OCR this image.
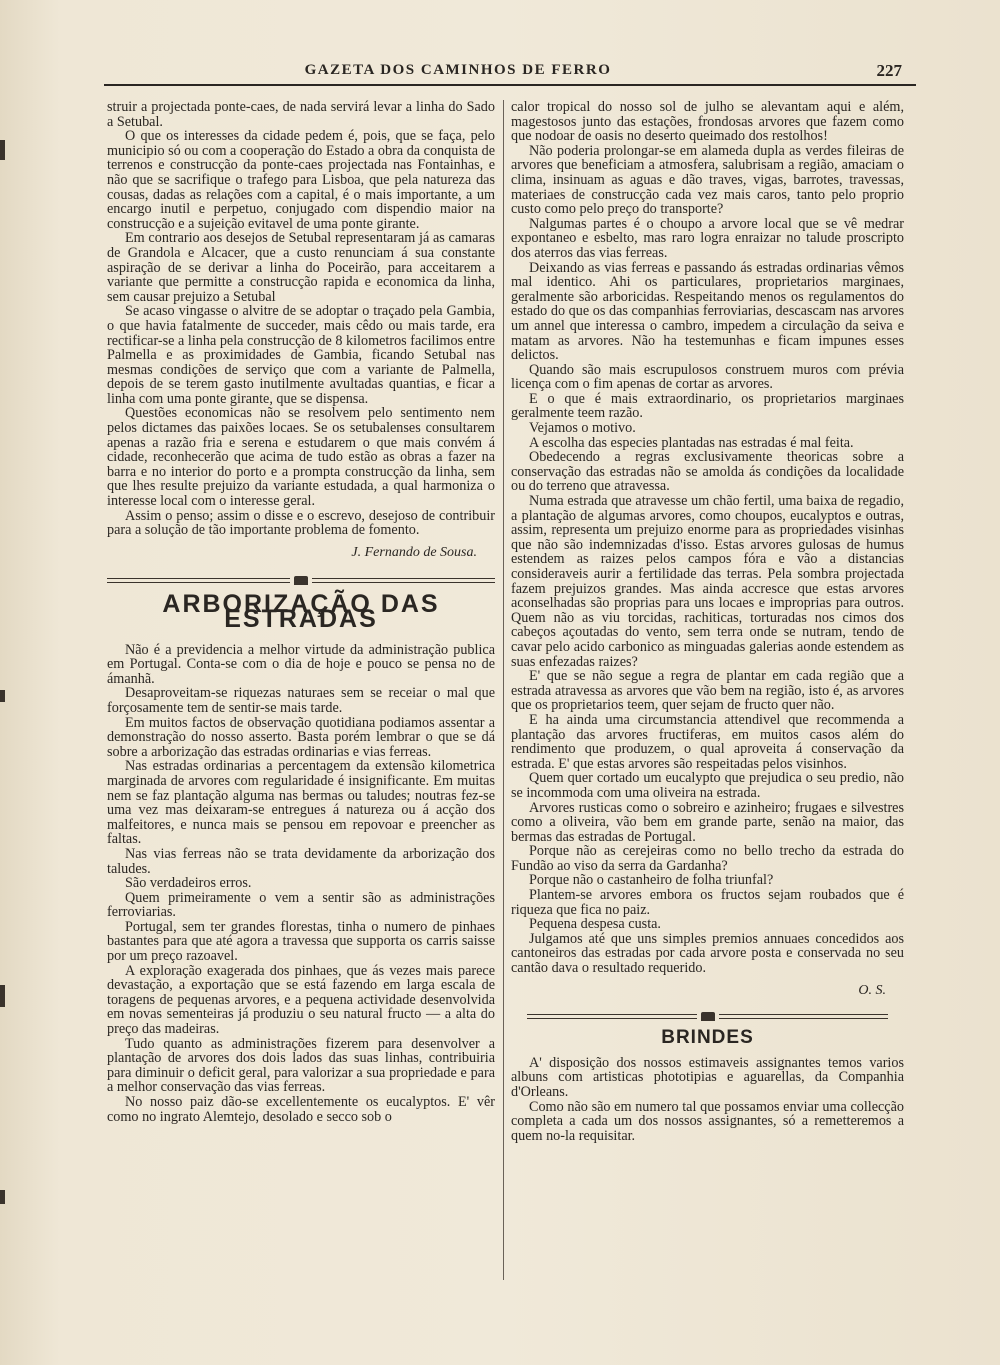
GAZETA DOS CAMINHOS DE FERRO	227

struir a projectada ponte-caes, de nada servirá levar a linha do Sado a Setubal.

O que os interesses da cidade pedem é, pois, que se faça, pelo municipio só ou com a cooperação do Estado a obra da conquista de terrenos e construcção da ponte-caes projectada nas Fontainhas, e não que se sacrifique o trafego para Lisboa, que pela natureza das cousas, dadas as relações com a capital, é o mais importante, a um encargo inutil e perpetuo, conjugado com dispendio maior na construcção e a sujeição evitavel de uma ponte girante.

Em contrario aos desejos de Setubal representaram já as camaras de Grandola e Alcacer, que a custo renunciam á sua constante aspiração de se derivar a linha do Poceirão, para acceitarem a variante que permitte a construcção rapida e economica da linha, sem causar prejuizo a Setubal

Se acaso vingasse o alvitre de se adoptar o traçado pela Gambia, o que havia fatalmente de succeder, mais cêdo ou mais tarde, era rectificar-se a linha pela construcção de 8 kilometros facilimos entre Palmella e as proximidades de Gambia, ficando Setubal nas mesmas condições de serviço que com a variante de Palmella, depois de se terem gasto inutilmente avultadas quantias, e ficar a linha com uma ponte girante, que se dispensa.

Questões economicas não se resolvem pelo sentimento nem pelos dictames das paixões locaes. Se os setubalenses consultarem apenas a razão fria e serena e estudarem o que mais convém á cidade, reconhecerão que acima de tudo estão as obras a fazer na barra e no interior do porto e a prompta construcção da linha, sem que lhes resulte prejuizo da variante estudada, a qual harmoniza o interesse local com o interesse geral.

Assim o penso; assim o disse e o escrevo, desejoso de contribuir para a solução de tão importante problema de fomento.

J. Fernando de Sousa.
ARBORIZAÇÃO DAS ESTRADAS

Não é a previdencia a melhor virtude da administração publica em Portugal. Conta-se com o dia de hoje e pouco se pensa no de ámanhã.

Desaproveitam-se riquezas naturaes sem se receiar o mal que forçosamente tem de sentir-se mais tarde.

Em muitos factos de observação quotidiana podiamos assentar a demonstração do nosso asserto. Basta porém lembrar o que se dá sobre a arborização das estradas ordinarias e vias ferreas.

Nas estradas ordinarias a percentagem da extensão kilometrica marginada de arvores com regularidade é insignificante. Em muitas nem se faz plantação alguma nas bermas ou taludes; noutras fez-se uma vez mas deixaram-se entregues á natureza ou á acção dos malfeitores, e nunca mais se pensou em repovoar e preencher as faltas.

Nas vias ferreas não se trata devidamente da arborização dos taludes.

São verdadeiros erros.

Quem primeiramente o vem a sentir são as administrações ferroviarias.

Portugal, sem ter grandes florestas, tinha o numero de pinhaes bastantes para que até agora a travessa que supporta os carris saisse por um preço razoavel.

A exploração exagerada dos pinhaes, que ás vezes mais parece devastação, a exportação que se está fazendo em larga escala de toragens de pequenas arvores, e a pequena actividade desenvolvida em novas sementeiras já produziu o seu natural fructo — a alta do preço das madeiras.

Tudo quanto as administrações fizerem para desenvolver a plantação de arvores dos dois lados das suas linhas, contribuiria para diminuir o deficit geral, para valorizar a sua propriedade e para a melhor conservação das vias ferreas.

No nosso paiz dão-se excellentemente os eucalyptos. E' vêr como no ingrato Alemtejo, desolado e secco sob o

calor tropical do nosso sol de julho se alevantam aqui e além, magestosos junto das estações, frondosas arvores que fazem como que nodoar de oasis no deserto queimado dos restolhos!

Não poderia prolongar-se em alameda dupla as verdes fileiras de arvores que beneficiam a atmosfera, salubrisam a região, amaciam o clima, insinuam as aguas e dão traves, vigas, barrotes, travessas, materiaes de construcção cada vez mais caros, tanto pelo proprio custo como pelo preço do transporte?

Nalgumas partes é o choupo a arvore local que se vê medrar expontaneo e esbelto, mas raro logra enraizar no talude proscripto dos aterros das vias ferreas.

Deixando as vias ferreas e passando ás estradas ordinarias vêmos mal identico. Ahi os particulares, proprietarios marginaes, geralmente são arboricidas. Respeitando menos os regulamentos do estado do que os das companhias ferroviarias, descascam nas arvores um annel que interessa o cambro, impedem a circulação da seiva e matam as arvores. Não ha testemunhas e ficam impunes esses delictos.

Quando são mais escrupulosos construem muros com prévia licença com o fim apenas de cortar as arvores.

E o que é mais extraordinario, os proprietarios marginaes geralmente teem razão.

Vejamos o motivo.

A escolha das especies plantadas nas estradas é mal feita.

Obedecendo a regras exclusivamente theoricas sobre a conservação das estradas não se amolda ás condições da localidade ou do terreno que atravessa.

Numa estrada que atravesse um chão fertil, uma baixa de regadio, a plantação de algumas arvores, como choupos, eucalyptos e outras, assim, representa um prejuizo enorme para as propriedades visinhas que não são indemnizadas d'isso. Estas arvores gulosas de humus estendem as raizes pelos campos fóra e vão a distancias consideraveis aurir a fertilidade das terras. Pela sombra projectada fazem prejuizos grandes. Mas ainda accresce que estas arvores aconselhadas são proprias para uns locaes e improprias para outros. Quem não as viu torcidas, rachiticas, torturadas nos cimos dos cabeços açoutadas do vento, sem terra onde se nutram, tendo de cavar pelo acido carbonico as minguadas galerias aonde estendem as suas enfezadas raizes?

E' que se não segue a regra de plantar em cada região que a estrada atravessa as arvores que vão bem na região, isto é, as arvores que os proprietarios teem, quer sejam de fructo quer não.

E ha ainda uma circumstancia attendivel que recommenda a plantação das arvores fructiferas, em muitos casos além do rendimento que produzem, o qual aproveita á conservação da estrada. E' que estas arvores são respeitadas pelos visinhos.

Quem quer cortado um eucalypto que prejudica o seu predio, não se incommoda com uma oliveira na estrada.

Arvores rusticas como o sobreiro e azinheiro; frugaes e silvestres como a oliveira, vão bem em grande parte, senão na maior, das bermas das estradas de Portugal.

Porque não as cerejeiras como no bello trecho da estrada do Fundão ao viso da serra da Gardanha?

Porque não o castanheiro de folha triunfal?

Plantem-se arvores embora os fructos sejam roubados que é riqueza que fica no paiz.

Pequena despesa custa.

Julgamos até que uns simples premios annuaes concedidos aos cantoneiros das estradas por cada arvore posta e conservada no seu cantão dava o resultado requerido.

O. S.
BRINDES

A' disposição dos nossos estimaveis assignantes temos varios albuns com artisticas phototipias e aguarellas, da Companhia d'Orleans.

Como não são em numero tal que possamos enviar uma collecção completa a cada um dos nossos assignantes, só a remetteremos a quem no-la requisitar.
